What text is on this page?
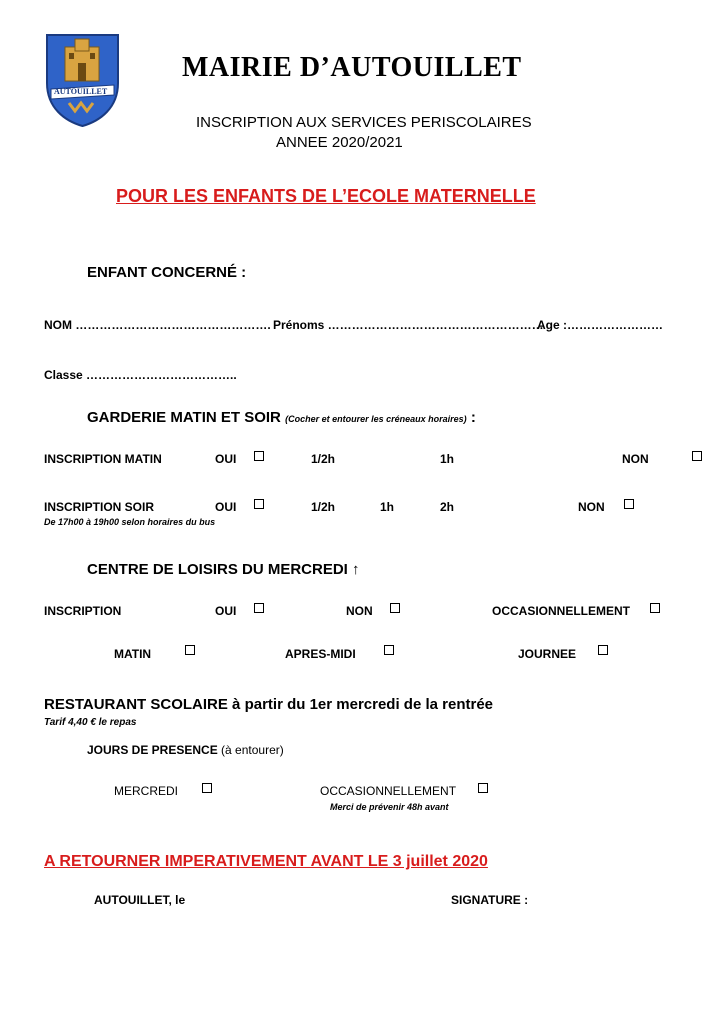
AUTOUILLET
MAIRIE D’AUTOUILLET
INSCRIPTION AUX SERVICES PERISCOLAIRES
ANNEE 2020/2021
POUR LES ENFANTS DE L’ECOLE MATERNELLE
ENFANT CONCERNÉ :
NOM …………………………………………. Prénoms ………………………………………………
Age :……………………
Classe ………………………………..
GARDERIE MATIN ET SOIR (Cocher et entourer les créneaux horaires) :
INSCRIPTION MATIN	OUI	1/2h	1h	NON
INSCRIPTION SOIR	OUI	1/2h	1h	2h	NON
De 17h00 à 19h00 selon horaires du bus
CENTRE DE LOISIRS DU MERCREDI ↑
INSCRIPTION	OUI	NON	OCCASIONNELLEMENT
MATIN	APRES-MIDI	JOURNEE
RESTAURANT SCOLAIRE à partir du 1er mercredi de la rentrée
Tarif 4,40 € le repas
JOURS DE PRESENCE (à entourer)
MERCREDI	OCCASIONNELLEMENT
Merci de prévenir 48h avant
A RETOURNER IMPERATIVEMENT AVANT LE 3 juillet 2020
AUTOUILLET, le	SIGNATURE :
